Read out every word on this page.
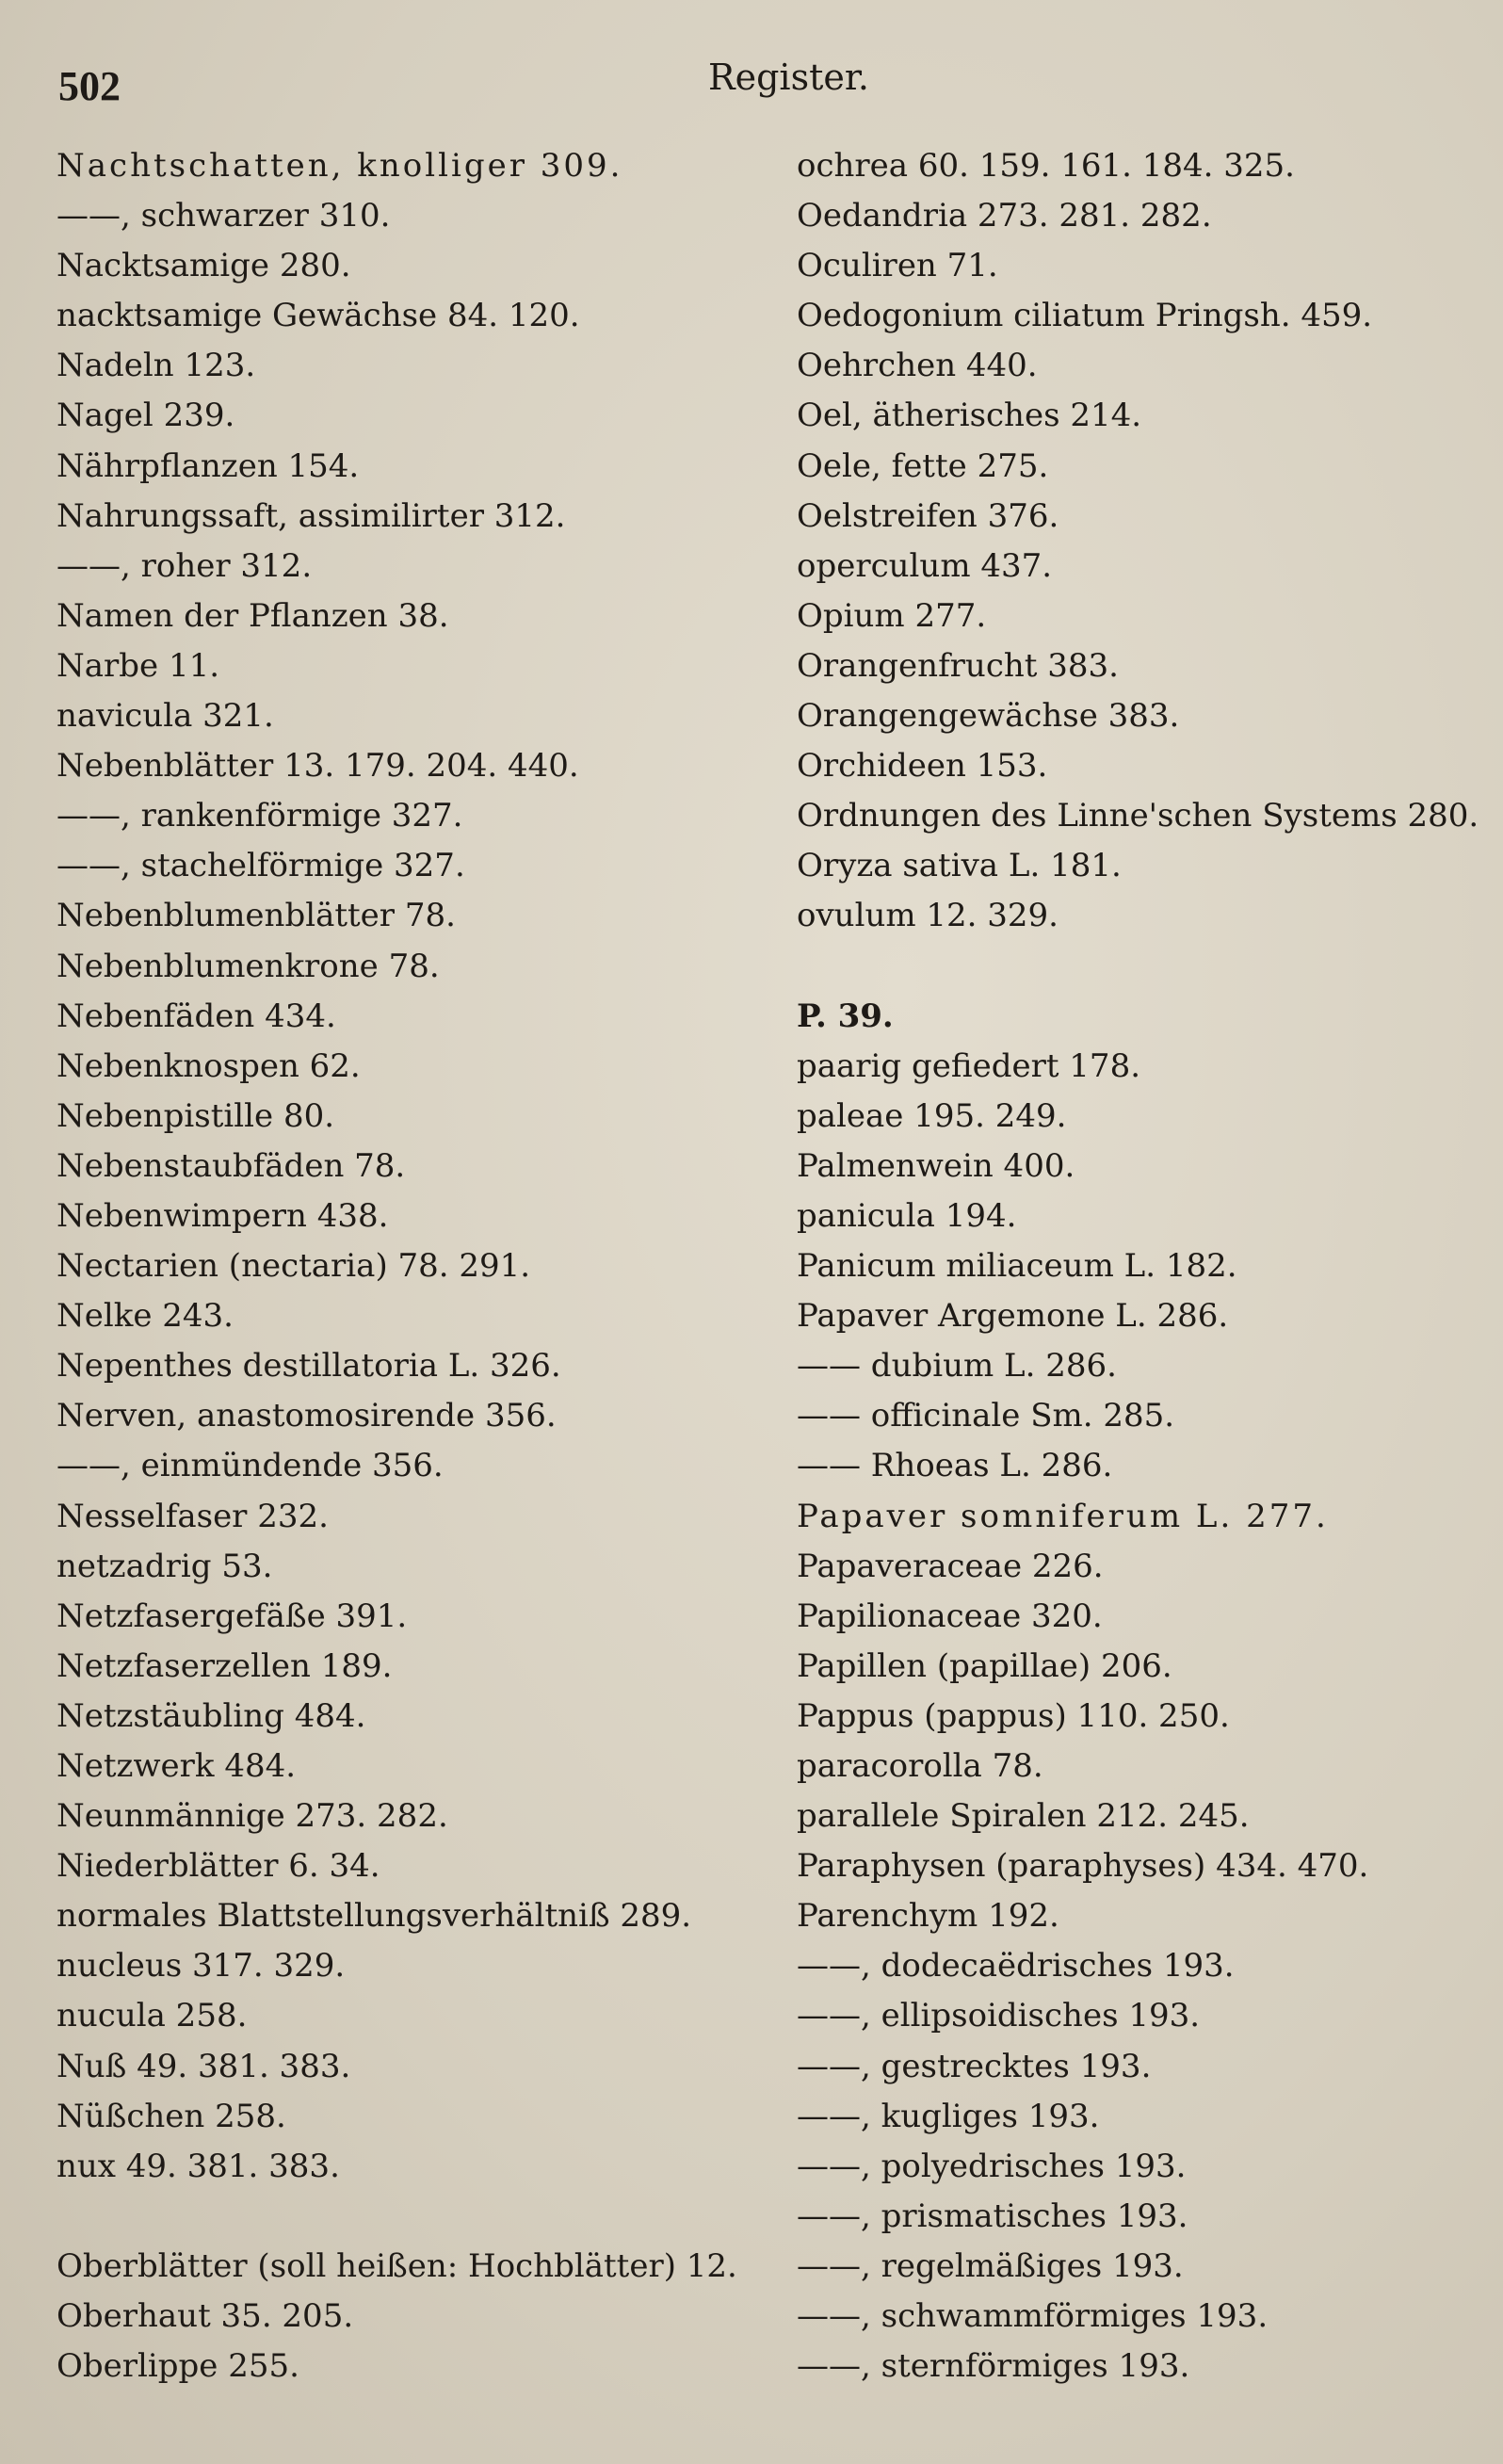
502	Register.
Nachtschatten, knolliger 309.
——, schwarzer 310.
Nacktsamige 280.
nacktsamige Gewächse 84. 120.
Nadeln 123.
Nagel 239.
Nährpflanzen 154.
Nahrungssaft, assimilirter 312.
——, roher 312.
Namen der Pflanzen 38.
Narbe 11.
navicula 321.
Nebenblätter 13. 179. 204. 440.
——, rankenförmige 327.
——, stachelförmige 327.
Nebenblumenblätter 78.
Nebenblumenkrone 78.
Nebenfäden 434.
Nebenknospen 62.
Nebenpistille 80.
Nebenstaubfäden 78.
Nebenwimpern 438.
Nectarien (nectaria) 78. 291.
Nelke 243.
Nepenthes destillatoria L. 326.
Nerven, anastomosirende 356.
——, einmündende 356.
Nesselfaser 232.
netzadrig 53.
Netzfasergefäße 391.
Netzfaserzellen 189.
Netzstäubling 484.
Netzwerk 484.
Neunmännige 273. 282.
Niederblätter 6. 34.
normales Blattstellungsverhältniß 289.
nucleus 317. 329.
nucula 258.
Nuß 49. 381. 383.
Nüßchen 258.
nux 49. 381. 383.
Oberblätter (soll heißen: Hochblätter) 12.
Oberhaut 35. 205.
Oberlippe 255.
ochrea 60. 159. 161. 184. 325.
Oedandria 273. 281. 282.
Oculiren 71.
Oedogonium ciliatum Pringsh. 459.
Oehrchen 440.
Oel, ätherisches 214.
Oele, fette 275.
Oelstreifen 376.
operculum 437.
Opium 277.
Orangenfrucht 383.
Orangengewächse 383.
Orchideen 153.
Ordnungen des Linne'schen Systems 280.
Oryza sativa L. 181.
ovulum 12. 329.
P. 39.
paarig gefiedert 178.
paleae 195. 249.
Palmenwein 400.
panicula 194.
Panicum miliaceum L. 182.
Papaver Argemone L. 286.
—— dubium L. 286.
—— officinale Sm. 285.
—— Rhoeas L. 286.
Papaver somniferum L. 277.
Papaveraceae 226.
Papilionaceae 320.
Papillen (papillae) 206.
Pappus (pappus) 110. 250.
paracorolla 78.
parallele Spiralen 212. 245.
Paraphysen (paraphyses) 434. 470.
Parenchym 192.
——, dodecaëdrisches 193.
——, ellipsoidisches 193.
——, gestrecktes 193.
——, kugliges 193.
——, polyedrisches 193.
——, prismatisches 193.
——, regelmäßiges 193.
——, schwammförmiges 193.
——, sternförmiges 193.
